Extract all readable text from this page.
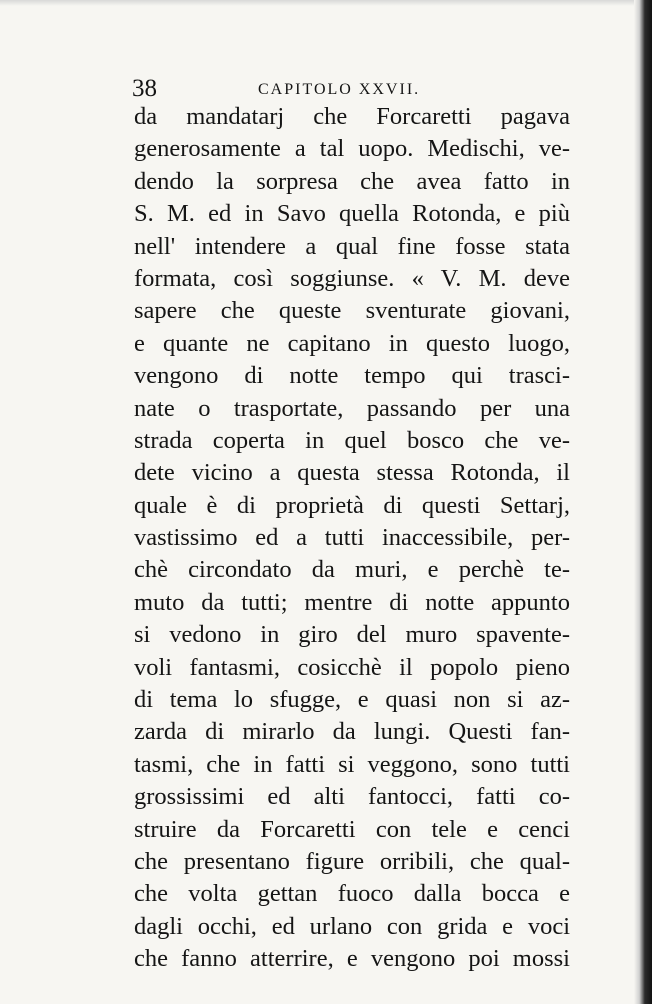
38	CAPITOLO XXVII.
da mandatarj che Forcaretti pagava
generosamente a tal uopo. Medischi, ve-
dendo la sorpresa che avea fatto in
S. M. ed in Savo quella Rotonda, e più
nell' intendere a qual fine fosse stata
formata, così soggiunse. « V. M. deve
sapere che queste sventurate giovani,
e quante ne capitano in questo luogo,
vengono di notte tempo qui trasci-
nate o trasportate, passando per una
strada coperta in quel bosco che ve-
dete vicino a questa stessa Rotonda, il
quale è di proprietà di questi Settarj,
vastissimo ed a tutti inaccessibile, per-
chè circondato da muri, e perchè te-
muto da tutti; mentre di notte appunto
si vedono in giro del muro spavente-
voli fantasmi, cosicchè il popolo pieno
di tema lo sfugge, e quasi non si az-
zarda di mirarlo da lungi. Questi fan-
tasmi, che in fatti si veggono, sono tutti
grossissimi ed alti fantocci, fatti co-
struire da Forcaretti con tele e cenci
che presentano figure orribili, che qual-
che volta gettan fuoco dalla bocca e
dagli occhi, ed urlano con grida e voci
che fanno atterrire, e vengono poi mossi
